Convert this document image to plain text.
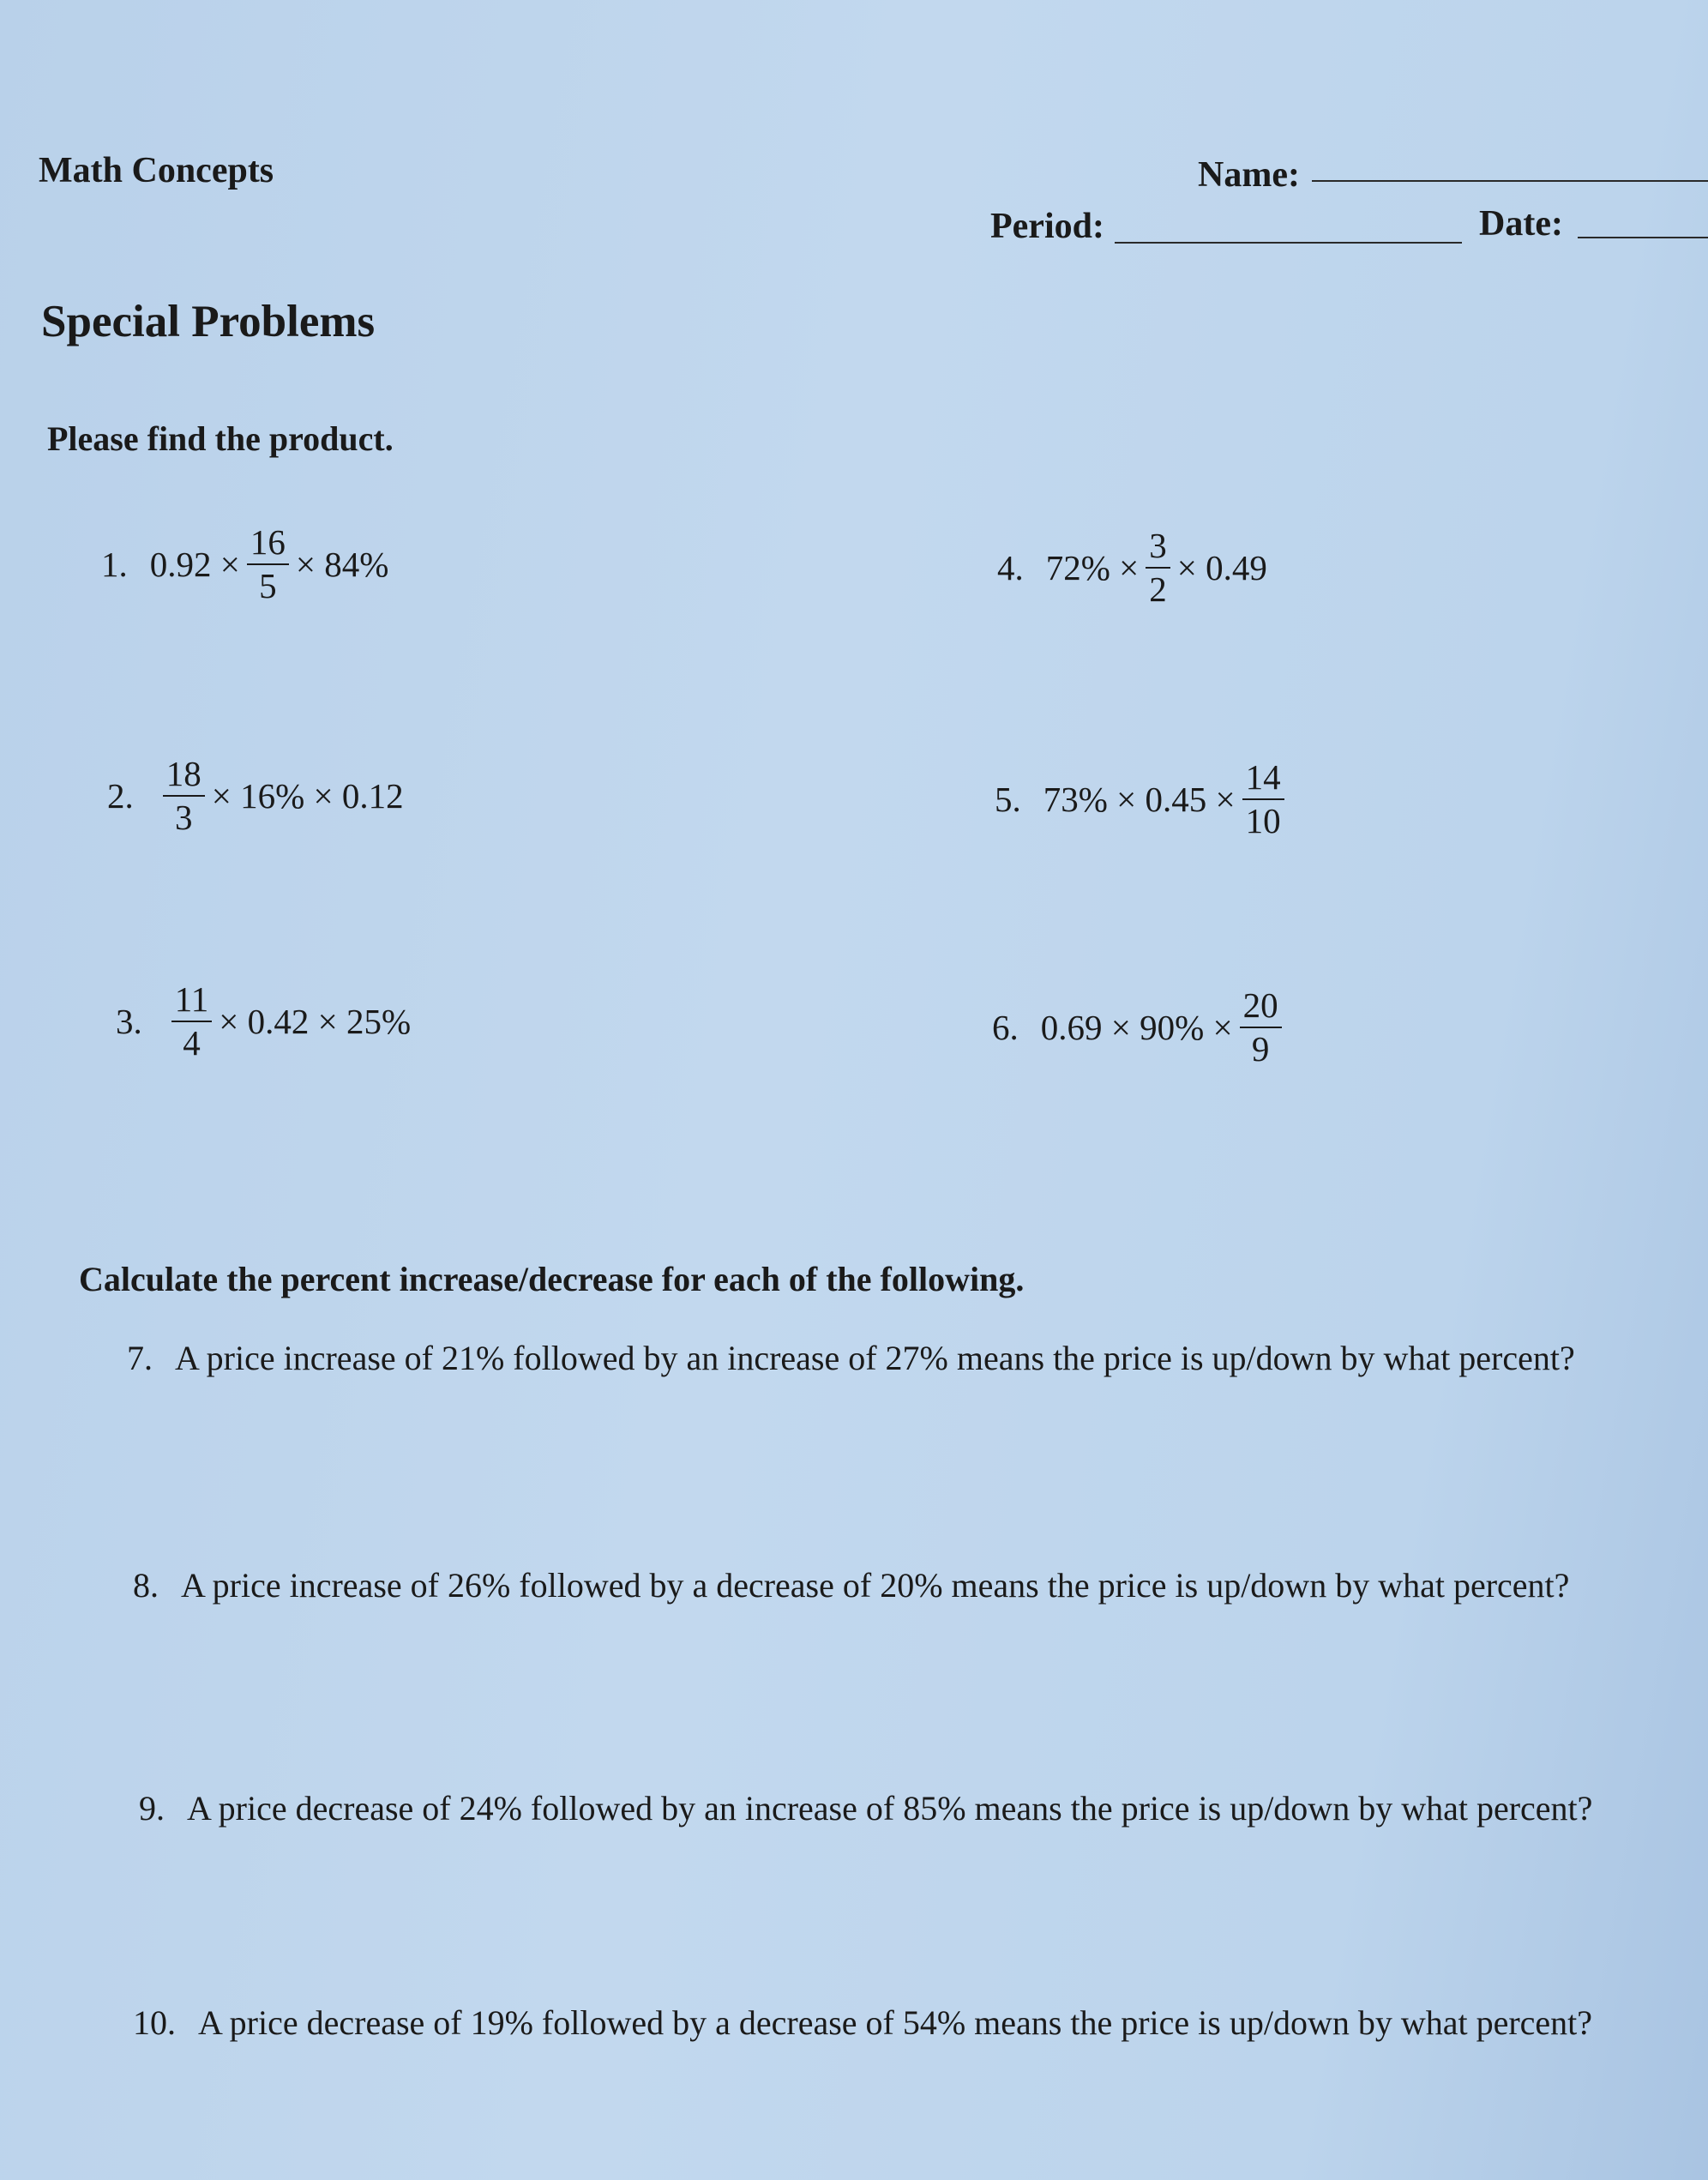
Math Concepts	Name:
Period:	Date:
Special Problems
Please find the product.
1. $0.92 \times \frac{16}{5} \times 84\%$
2. $\frac{18}{3} \times 16\% \times 0.12$
3. $\frac{11}{4} \times 0.42 \times 25\%$
4. $72\% \times \frac{3}{2} \times 0.49$
5. $73\% \times 0.45 \times \frac{14}{10}$
6. $0.69 \times 90\% \times \frac{20}{9}$
Calculate the percent increase/decrease for each of the following.
7. A price increase of 21% followed by an increase of 27% means the price is up/down by what percent?
8. A price increase of 26% followed by a decrease of 20% means the price is up/down by what percent?
9. A price decrease of 24% followed by an increase of 85% means the price is up/down by what percent?
10. A price decrease of 19% followed by a decrease of 54% means the price is up/down by what percent?
